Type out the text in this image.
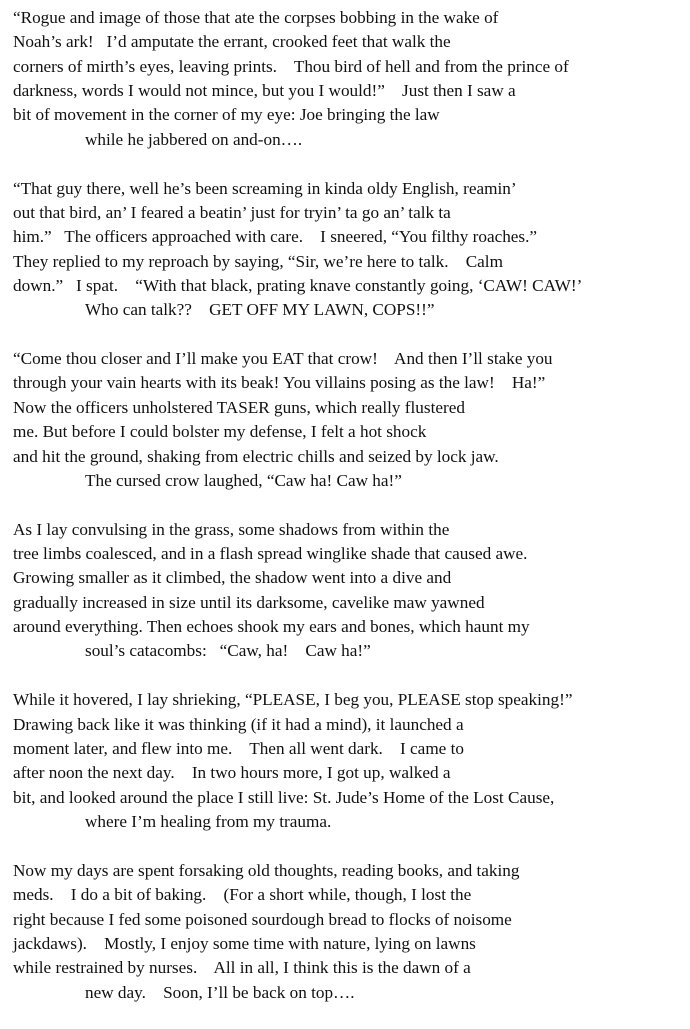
“Rogue and image of those that ate the corpses bobbing in the wake of
Noah’s ark!   I’d amputate the errant, crooked feet that walk the
corners of mirth’s eyes, leaving prints.    Thou bird of hell and from the prince of
darkness, words I would not mince, but you I would!”    Just then I saw a
bit of movement in the corner of my eye: Joe bringing the law
while he jabbered on and-on….
“That guy there, well he’s been screaming in kinda oldy English, reamin’
out that bird, an’ I feared a beatin’ just for tryin’ ta go an’ talk ta
him.”   The officers approached with care.    I sneered, “You filthy roaches.”
They replied to my reproach by saying, “Sir, we’re here to talk.    Calm
down.”   I spat.    “With that black, prating knave constantly going, ‘CAW! CAW!’
Who can talk??    GET OFF MY LAWN, COPS!!”
“Come thou closer and I’ll make you EAT that crow!    And then I’ll stake you
through your vain hearts with its beak! You villains posing as the law!    Ha!”
Now the officers unholstered TASER guns, which really flustered
me. But before I could bolster my defense, I felt a hot shock
and hit the ground, shaking from electric chills and seized by lock jaw.
The cursed crow laughed, “Caw ha! Caw ha!”
As I lay convulsing in the grass, some shadows from within the
tree limbs coalesced, and in a flash spread winglike shade that caused awe.
Growing smaller as it climbed, the shadow went into a dive and
gradually increased in size until its darksome, cavelike maw yawned
around everything. Then echoes shook my ears and bones, which haunt my
soul’s catacombs:   “Caw, ha!    Caw ha!”
While it hovered, I lay shrieking, “PLEASE, I beg you, PLEASE stop speaking!”
Drawing back like it was thinking (if it had a mind), it launched a
moment later, and flew into me.    Then all went dark.    I came to
after noon the next day.    In two hours more, I got up, walked a
bit, and looked around the place I still live: St. Jude’s Home of the Lost Cause,
where I’m healing from my trauma.
Now my days are spent forsaking old thoughts, reading books, and taking
meds.    I do a bit of baking.    (For a short while, though, I lost the
right because I fed some poisoned sourdough bread to flocks of noisome
jackdaws).    Mostly, I enjoy some time with nature, lying on lawns
while restrained by nurses.    All in all, I think this is the dawn of a
new day.    Soon, I’ll be back on top….
